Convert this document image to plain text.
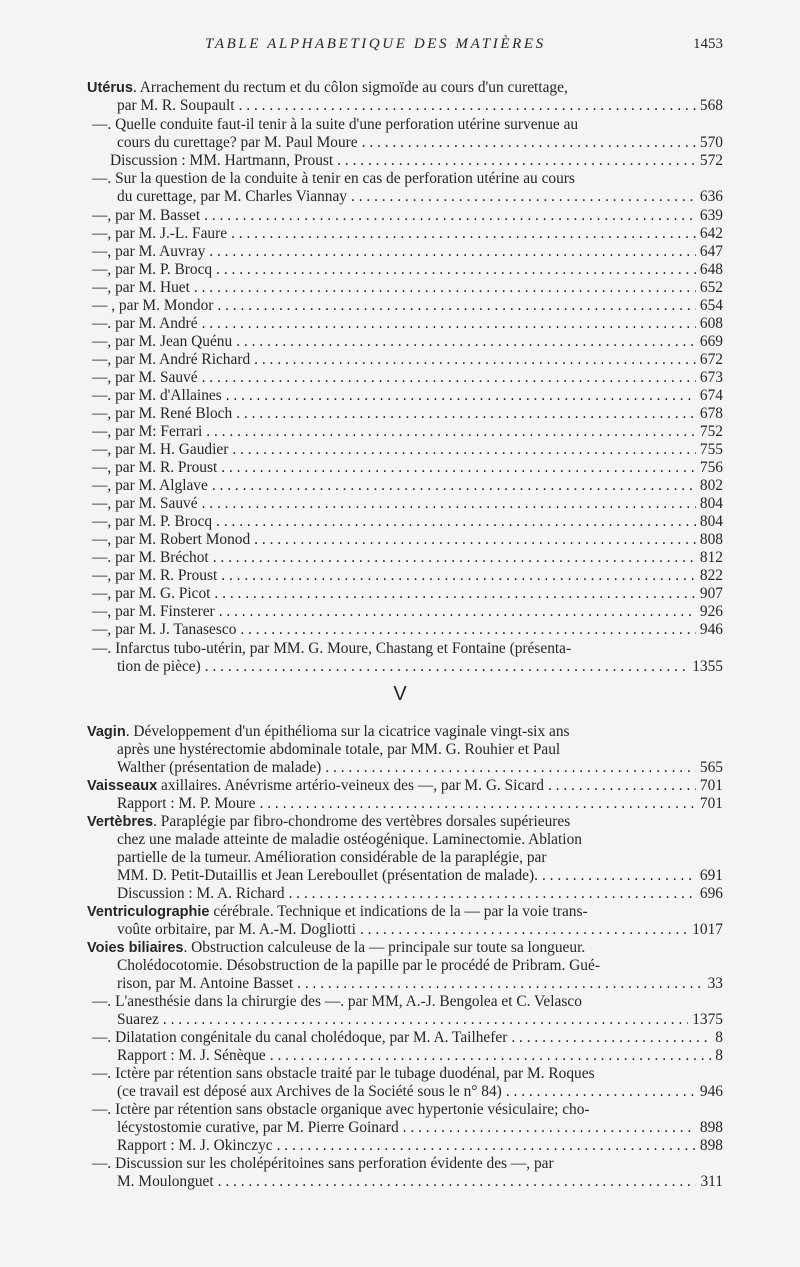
TABLE ALPHABETIQUE DES MATIÈRES	1453
Utérus. Arrachement du rectum et du côlon sigmoïde au cours d'un curettage,
par M. R. Soupault . . .	568
—. Quelle conduite faut-il tenir à la suite d'une perforation utérine survenue au
cours du curettage? par M. Paul Moure . . .	570
Discussion : MM. Hartmann, Proust . . .	572
—. Sur la question de la conduite à tenir en cas de perforation utérine au cours
du curettage, par M. Charles Viannay . . .	636
—, par M. Basset . . .	639
—, par M. J.-L. Faure . . .	642
—, par M. Auvray . . .	647
—, par M. P. Brocq . . .	648
—, par M. Huet . . .	652
— , par M. Mondor . . .	654
—. par M. André . . .	608
—, par M. Jean Quénu . . .	669
—, par M. André Richard . . .	672
—, par M. Sauvé . . .	673
—. par M. d'Allaines . . .	674
—, par M. René Bloch . . .	678
—, par M: Ferrari . . .	752
—, par M. H. Gaudier . . .	755
—, par M. R. Proust . . .	756
—, par M. Alglave . . .	802
—, par M. Sauvé . . .	804
—, par M. P. Brocq . . .	804
—, par M. Robert Monod . . .	808
—. par M. Bréchot . . .	812
—, par M. R. Proust . . .	822
—, par M. G. Picot . . .	907
—, par M. Finsterer . . .	926
—, par M. J. Tanasesco . . .	946
—. Infarctus tubo-utérin, par MM. G. Moure, Chastang et Fontaine (présenta-
tion de pièce) . . .	1355
V
Vagin. Développement d'un épithélioma sur la cicatrice vaginale vingt-six ans
après une hystérectomie abdominale totale, par MM. G. Rouhier et Paul
Walther (présentation de malade) . . .	565
Vaisseaux axillaires. Anévrisme artério-veineux des —, par M. G. Sicard . . .	701
Rapport : M. P. Moure . . .	701
Vertèbres. Paraplégie par fibro-chondrome des vertèbres dorsales supérieures
chez une malade atteinte de maladie ostéogénique. Laminectomie. Ablation
partielle de la tumeur. Amélioration considérable de la paraplégie, par
MM. D. Petit-Dutaillis et Jean Lereboullet (présentation de malade). . . .	691
Discussion : M. A. Richard . . .	696
Ventriculographie cérébrale. Technique et indications de la — par la voie trans-
voûte orbitaire, par M. A.-M. Dogliotti . . .	1017
Voies biliaires. Obstruction calculeuse de la — principale sur toute sa longueur.
Cholédocotomie. Désobstruction de la papille par le procédé de Pribram. Gué-
rison, par M. Antoine Basset . . .	33
—. L'anesthésie dans la chirurgie des —. par MM, A.-J. Bengolea et C. Velasco
Suarez . . .	1375
—. Dilatation congénitale du canal cholédoque, par M. A. Tailhefer . . .	8
Rapport : M. J. Sénèque . . .	8
—. Ictère par rétention sans obstacle traité par le tubage duodénal, par M. Roques
(ce travail est déposé aux Archives de la Société sous le n° 84) . . .	946
—. Ictère par rétention sans obstacle organique avec hypertonie vésiculaire; cho-
lécystostomie curative, par M. Pierre Goinard . . .	898
Rapport : M. J. Okinczyc . . .	898
—. Discussion sur les cholépéritoines sans perforation évidente des —, par
M. Moulonguet . . .	311
